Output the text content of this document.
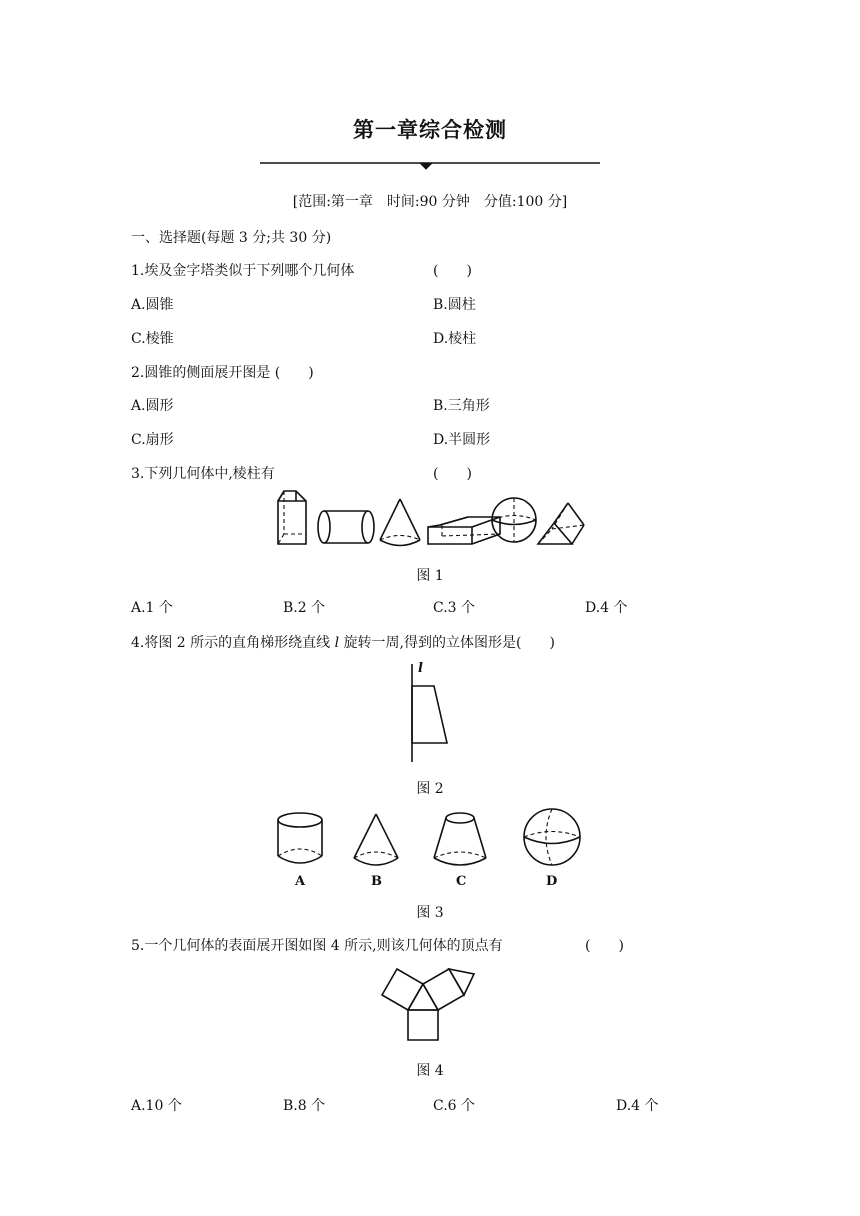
第一章综合检测
[范围:第一章　时间:90 分钟　分值:100 分]
一、选择题(每题 3 分;共 30 分)
1.埃及金字塔类似于下列哪个几何体	(　　)
A.圆锥	B.圆柱
C.棱锥	D.棱柱
2.圆锥的侧面展开图是 (　　)
A.圆形	B.三角形
C.扇形	D.半圆形
3.下列几何体中,棱柱有	(　　)
图 1
A.1 个	B.2 个	C.3 个	D.4 个
4.将图 2 所示的直角梯形绕直线 l 旋转一周,得到的立体图形是(　　)
l
图 2
A	B	C	D
图 3
5.一个几何体的表面展开图如图 4 所示,则该几何体的顶点有	(　　)
图 4
A.10 个	B.8 个	C.6 个	D.4 个
